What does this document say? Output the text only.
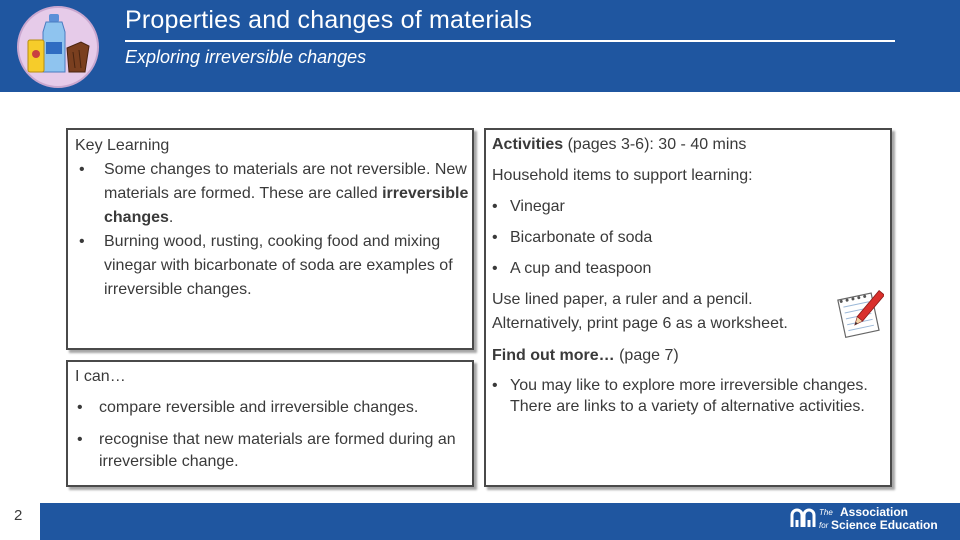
Properties and changes of materials
Exploring irreversible changes
Key Learning
• Some changes to materials are not reversible. New materials are formed. These are called irreversible changes.
• Burning wood, rusting, cooking food and mixing vinegar with bicarbonate of soda are examples of irreversible changes.
I can…
• compare reversible and irreversible changes.
• recognise that new materials are formed during an irreversible change.
Activities (pages 3-6): 30 - 40 mins
Household items to support learning:
• Vinegar
• Bicarbonate of soda
• A cup and teaspoon
Use lined paper, a ruler and a pencil. Alternatively, print page 6 as a worksheet.
Find out more… (page 7)
• You may like to explore more irreversible changes. There are links to a variety of alternative activities.
2	The Association
for Science Education
